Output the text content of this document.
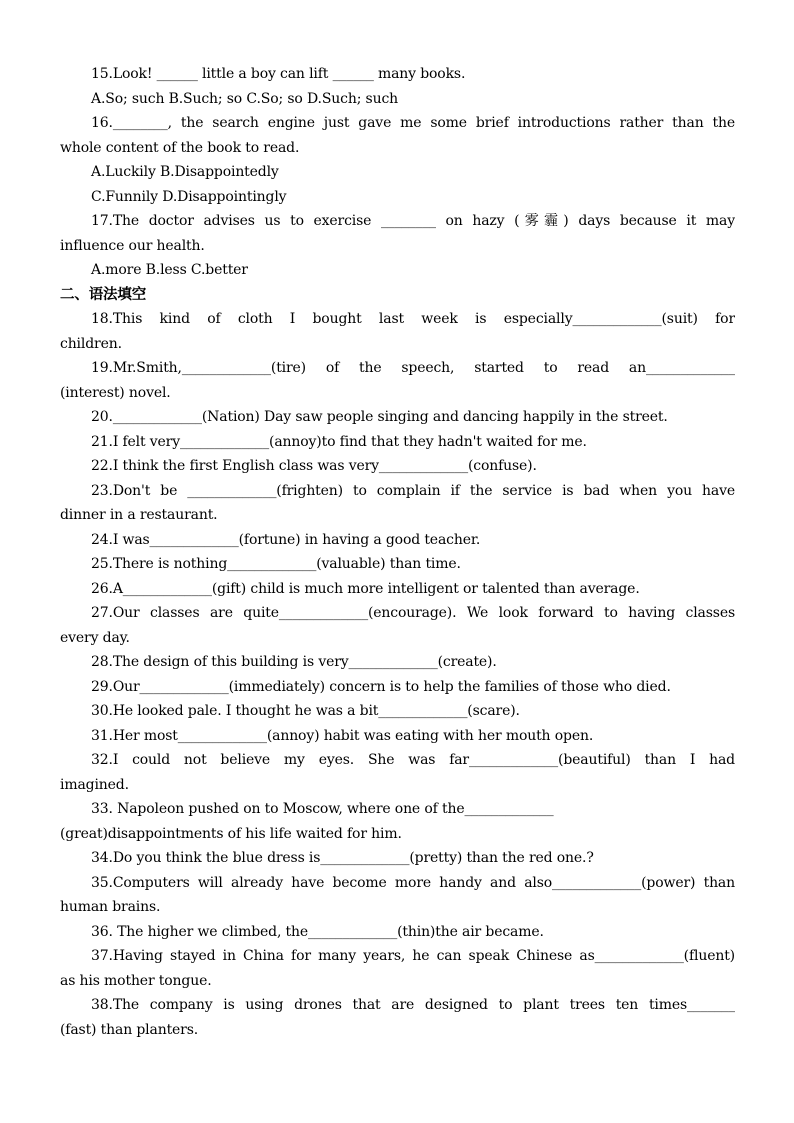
15.Look! ______ little a boy can lift ______ many books.
A.So; such B.Such; so C.So; so D.Such; such
16.________, the search engine just gave me some brief introductions rather than the
whole content of the book to read.
A.Luckily B.Disappointedly
C.Funnily D.Disappointingly
17.The doctor advises us to exercise ________ on hazy (雾霾) days because it may
influence our health.
A.more B.less C.better
二、语法填空
18.This kind of cloth I bought last week is especially_____________(suit) for
children.
19.Mr.Smith,_____________(tire) of the speech, started to read an_____________
(interest) novel.
20._____________(Nation) Day saw people singing and dancing happily in the street.
21.I felt very_____________(annoy)to find that they hadn't waited for me.
22.I think the first English class was very_____________(confuse).
23.Don't be _____________(frighten) to complain if the service is bad when you have
dinner in a restaurant.
24.I was_____________(fortune) in having a good teacher.
25.There is nothing_____________(valuable) than time.
26.A_____________(gift) child is much more intelligent or talented than average.
27.Our classes are quite_____________(encourage). We look forward to having classes
every day.
28.The design of this building is very_____________(create).
29.Our_____________(immediately) concern is to help the families of those who died.
30.He looked pale. I thought he was a bit_____________(scare).
31.Her most_____________(annoy) habit was eating with her mouth open.
32.I could not believe my eyes. She was far_____________(beautiful) than I had
imagined.
33. Napoleon pushed on to Moscow, where one of the_____________
(great)disappointments of his life waited for him.
34.Do you think the blue dress is_____________(pretty) than the red one.?
35.Computers will already have become more handy and also_____________(power) than
human brains.
36. The higher we climbed, the_____________(thin)the air became.
37.Having stayed in China for many years, he can speak Chinese as_____________(fluent)
as his mother tongue.
38.The company is using drones that are designed to plant trees ten times_______
(fast) than planters.
